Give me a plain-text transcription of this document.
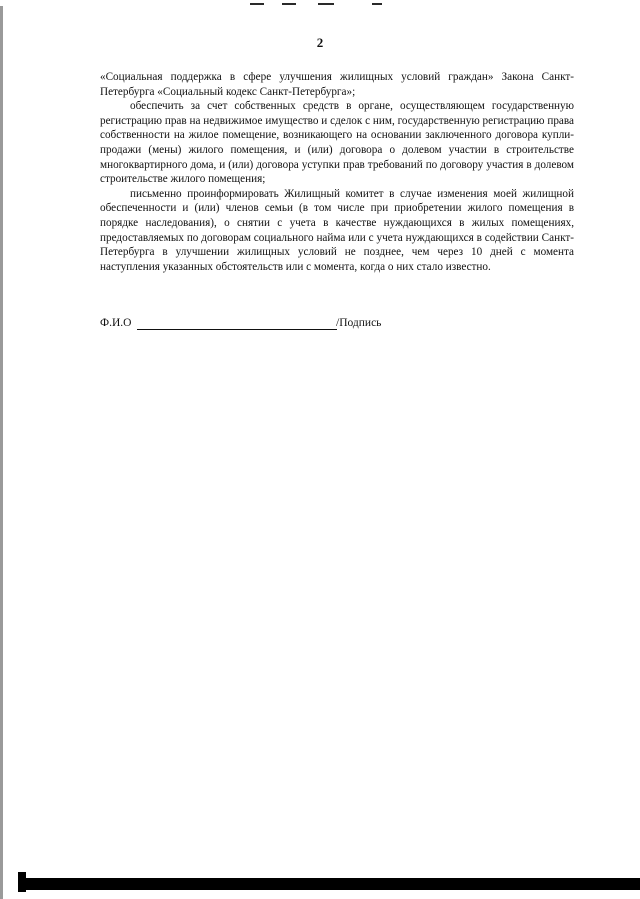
2

«Социальная поддержка в сфере улучшения жилищных условий граждан» Закона Санкт-Петербурга «Социальный кодекс Санкт-Петербурга»;

обеспечить за счет собственных средств в органе, осуществляющем государственную регистрацию прав на недвижимое имущество и сделок с ним, государственную регистрацию права собственности на жилое помещение, возникающего на основании заключенного договора купли-продажи (мены) жилого помещения, и (или) договора о долевом участии в строительстве многоквартирного дома, и (или) договора уступки прав требований по договору участия в долевом строительстве жилого помещения;

письменно проинформировать Жилищный комитет в случае изменения моей жилищной обеспеченности и (или) членов семьи (в том числе при приобретении жилого помещения в порядке наследования), о снятии с учета в качестве нуждающихся в жилых помещениях, предоставляемых по договорам социального найма или с учета нуждающихся в содействии Санкт-Петербурга в улучшении жилищных условий не позднее, чем через 10 дней с момента наступления указанных обстоятельств или с момента, когда о них стало известно.

Ф.И.О	/Подпись
